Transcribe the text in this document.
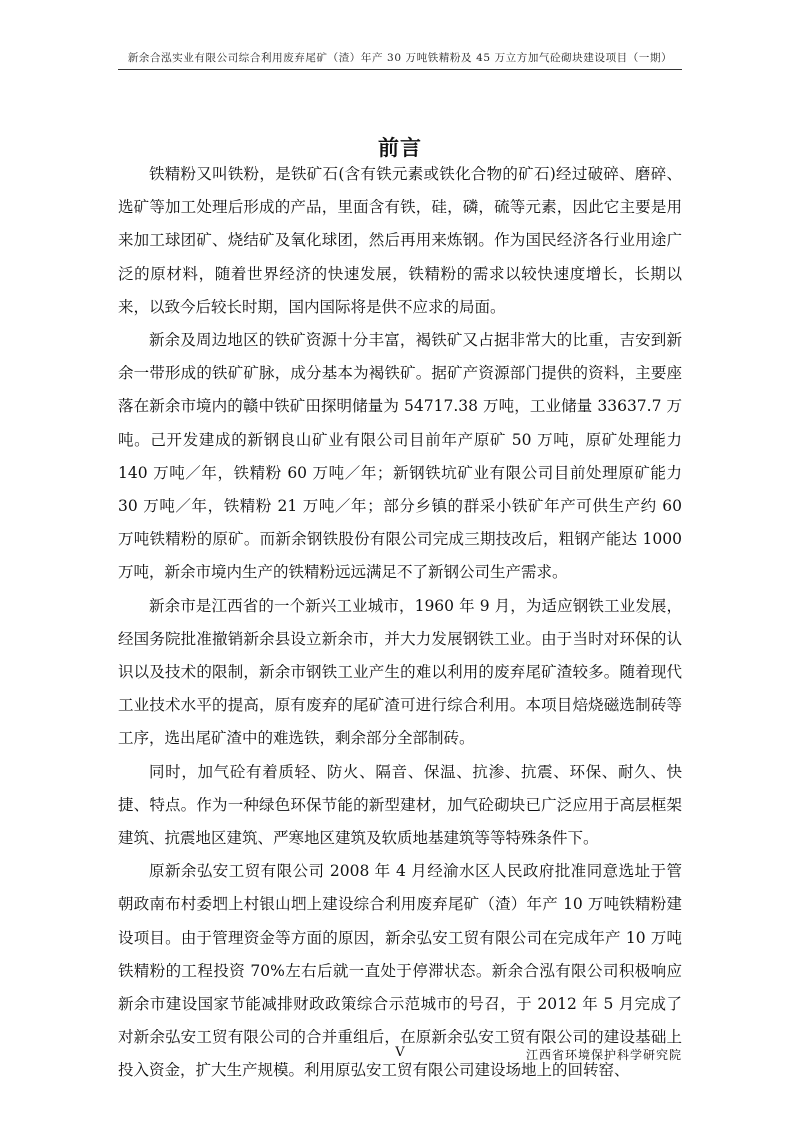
新余合泓实业有限公司综合利用废弃尾矿（渣）年产 30 万吨铁精粉及 45 万立方加气砼砌块建设项目（一期）
前言

铁精粉又叫铁粉，是铁矿石(含有铁元素或铁化合物的矿石)经过破碎、磨碎、选矿等加工处理后形成的产品，里面含有铁，硅，磷，硫等元素，因此它主要是用来加工球团矿、烧结矿及氧化球团，然后再用来炼钢。作为国民经济各行业用途广泛的原材料，随着世界经济的快速发展，铁精粉的需求以较快速度增长，长期以来，以致今后较长时期，国内国际将是供不应求的局面。

新余及周边地区的铁矿资源十分丰富，褐铁矿又占据非常大的比重，吉安到新余一带形成的铁矿矿脉，成分基本为褐铁矿。据矿产资源部门提供的资料，主要座落在新余市境内的赣中铁矿田探明储量为 54717.38 万吨，工业储量 33637.7 万吨。己开发建成的新钢良山矿业有限公司目前年产原矿 50 万吨，原矿处理能力 140 万吨／年，铁精粉 60 万吨／年；新钢铁坑矿业有限公司目前处理原矿能力 30 万吨／年，铁精粉 21 万吨／年；部分乡镇的群采小铁矿年产可供生产约 60 万吨铁精粉的原矿。而新余钢铁股份有限公司完成三期技改后，粗钢产能达 1000 万吨，新余市境内生产的铁精粉远远满足不了新钢公司生产需求。

新余市是江西省的一个新兴工业城市，1960 年 9 月，为适应钢铁工业发展，经国务院批准撤销新余县设立新余市，并大力发展钢铁工业。由于当时对环保的认识以及技术的限制，新余市钢铁工业产生的难以利用的废弃尾矿渣较多。随着现代工业技术水平的提高，原有废弃的尾矿渣可进行综合利用。本项目焙烧磁选制砖等工序，选出尾矿渣中的难选铁，剩余部分全部制砖。

同时，加气砼有着质轻、防火、隔音、保温、抗渗、抗震、环保、耐久、快捷、特点。作为一种绿色环保节能的新型建材，加气砼砌块已广泛应用于高层框架建筑、抗震地区建筑、严寒地区建筑及软质地基建筑等等特殊条件下。

原新余弘安工贸有限公司 2008 年 4 月经渝水区人民政府批准同意选址于管朝政南布村委垇上村银山垇上建设综合利用废弃尾矿（渣）年产 10 万吨铁精粉建设项目。由于管理资金等方面的原因，新余弘安工贸有限公司在完成年产 10 万吨铁精粉的工程投资 70%左右后就一直处于停滞状态。新余合泓有限公司积极响应新余市建设国家节能减排财政政策综合示范城市的号召，于 2012 年 5 月完成了对新余弘安工贸有限公司的合并重组后，在原新余弘安工贸有限公司的建设基础上投入资金，扩大生产规模。利用原弘安工贸有限公司建设场地上的回转窑、

V	江西省环境保护科学研究院
